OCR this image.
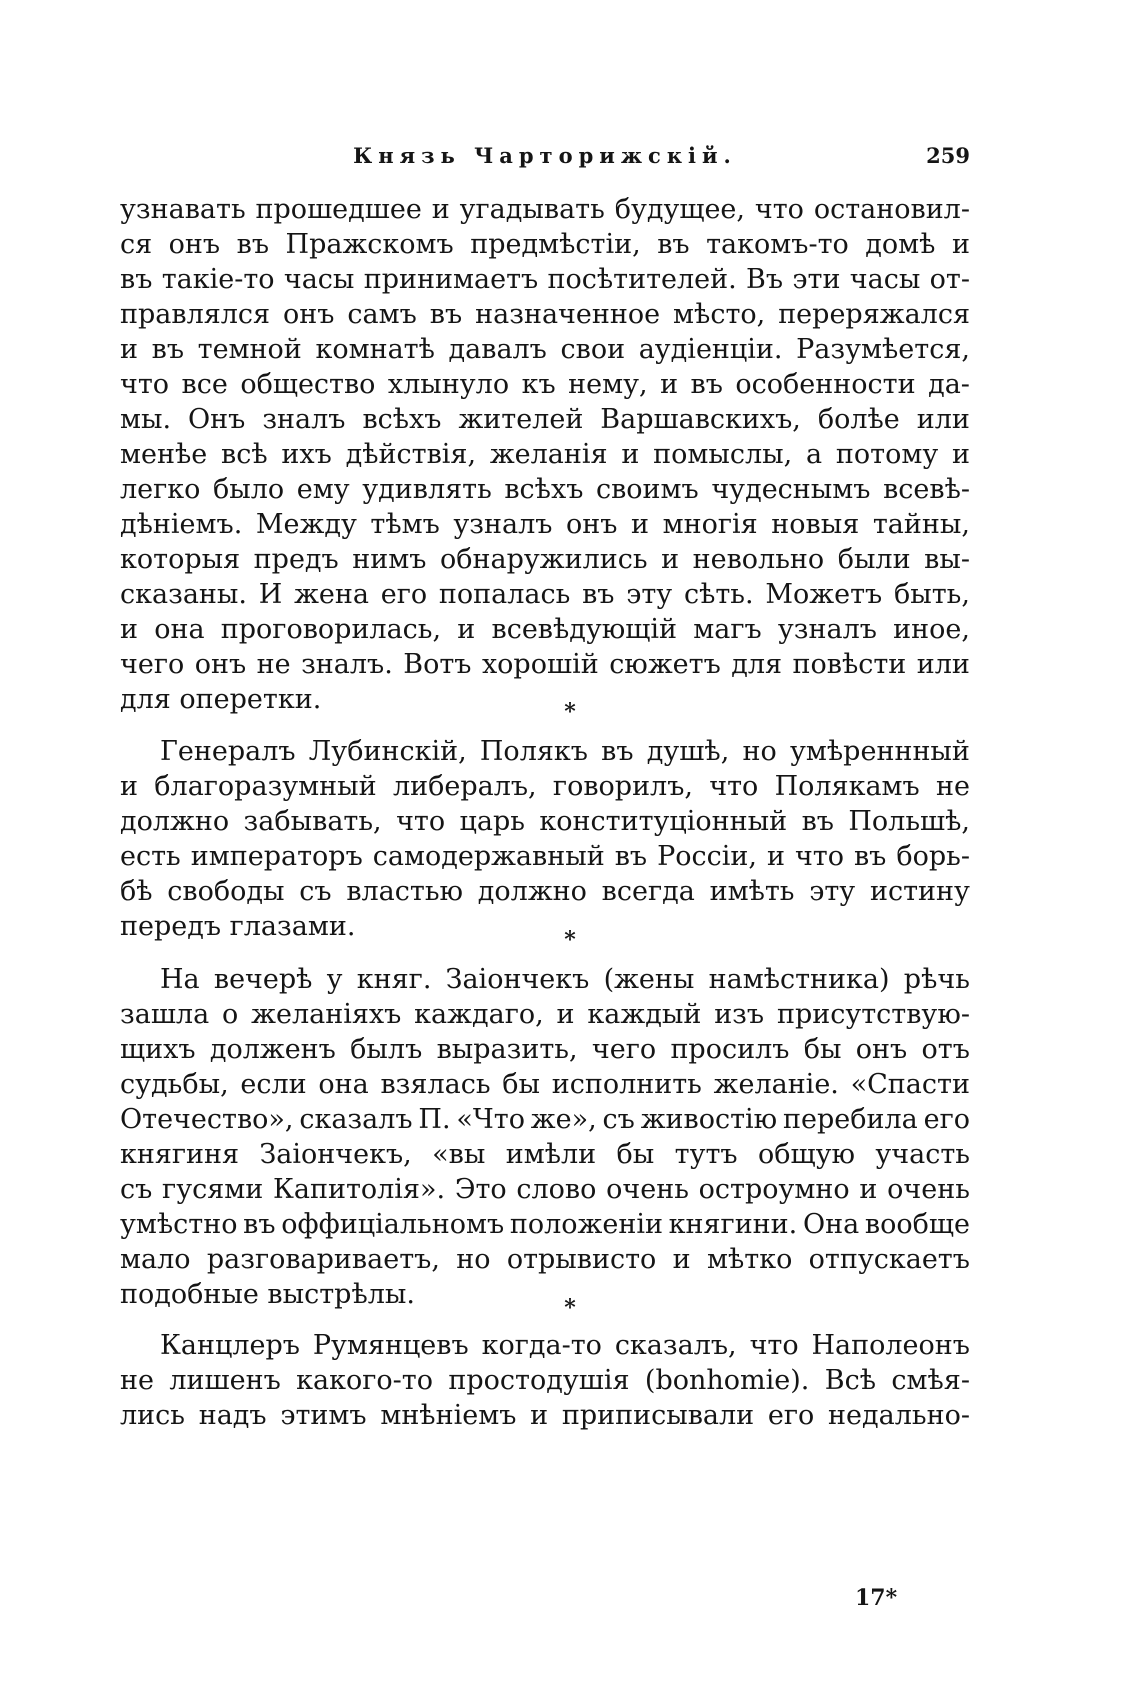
Князь Чарторижскій.	259
узнавать прошедшее и угадывать будущее, что остановил-
ся онъ въ Пражскомъ предмѣстіи, въ такомъ-то домѣ и
въ такіе-то часы принимаетъ посѣтителей. Въ эти часы от-
правлялся онъ самъ въ назначенное мѣсто, переряжался
и въ темной комнатѣ давалъ свои аудіенціи. Разумѣется,
что все общество хлынуло къ нему, и въ особенности да-
мы. Онъ зналъ всѣхъ жителей Варшавскихъ, болѣе или
менѣе всѣ ихъ дѣйствія, желанія и помыслы, а потому и
легко было ему удивлять всѣхъ своимъ чудеснымъ всевѣ-
дѣніемъ. Между тѣмъ узналъ онъ и многія новыя тайны,
которыя предъ нимъ обнаружились и невольно были вы-
сказаны. И жена его попалась въ эту сѣть. Можетъ быть,
и она проговорилась, и всевѣдующій магъ узналъ иное,
чего онъ не зналъ. Вотъ хорошій сюжетъ для повѣсти или
для оперетки.	*
Генералъ Лубинскій, Полякъ въ душѣ, но умѣреннный
и благоразумный либералъ, говорилъ, что Полякамъ не
должно забывать, что царь конституціонный въ Польшѣ,
есть императоръ самодержавный въ Россіи, и что въ борь-
бѣ свободы съ властью должно всегда имѣть эту истину
передъ глазами.	*
На вечерѣ у княг. Заіончекъ (жены намѣстника) рѣчь
зашла о желаніяхъ каждаго, и каждый изъ присутствую-
щихъ долженъ былъ выразить, чего просилъ бы онъ отъ
судьбы, если она взялась бы исполнить желаніе. «Спасти
Отечество», сказалъ П. «Что же», съ живостію перебила его
княгиня Заіончекъ, «вы имѣли бы тутъ общую участь
съ гусями Капитолія». Это слово очень остроумно и очень
умѣстно въ оффиціальномъ положеніи княгини. Она вообще
мало разговариваетъ, но отрывисто и мѣтко отпускаетъ
подобные выстрѣлы.	*
Канцлеръ Румянцевъ когда-то сказалъ, что Наполеонъ
не лишенъ какого-то простодушія (bonhomie). Всѣ смѣя-
лись надъ этимъ мнѣніемъ и приписывали его недально-
17*
